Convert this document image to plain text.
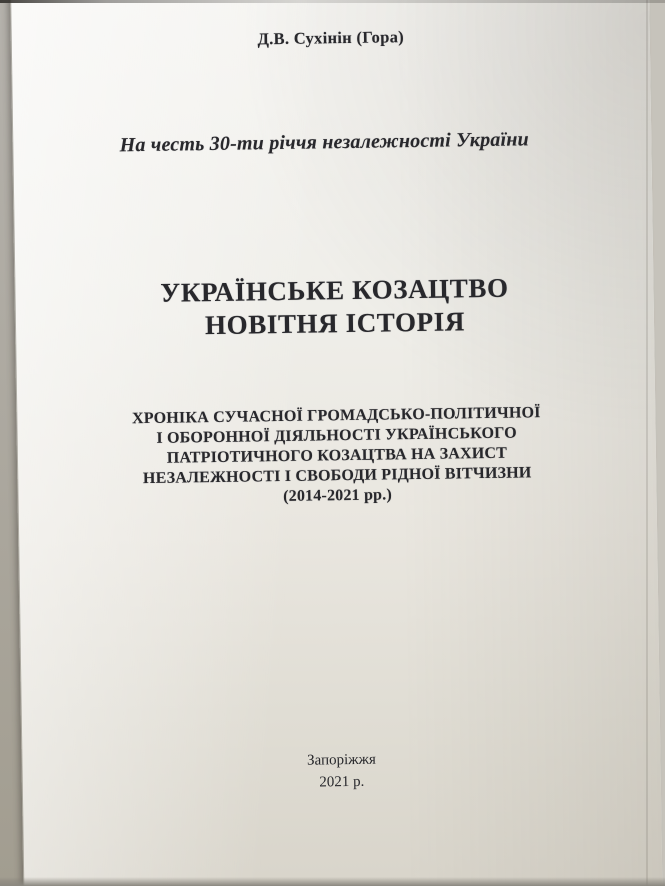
Д.В. Сухінін (Гора)
На честь 30-ти річчя незалежності України
УКРАЇНСЬКЕ КОЗАЦТВО
НОВІТНЯ ІСТОРІЯ
ХРОНІКА СУЧАСНОЇ ГРОМАДСЬКО-ПОЛІТИЧНОЇ
І ОБОРОННОЇ ДІЯЛЬНОСТІ УКРАЇНСЬКОГО
ПАТРІОТИЧНОГО КОЗАЦТВА НА ЗАХИСТ
НЕЗАЛЕЖНОСТІ І СВОБОДИ РІДНОЇ ВІТЧИЗНИ
(2014-2021 рр.)
Запоріжжя
2021 р.
